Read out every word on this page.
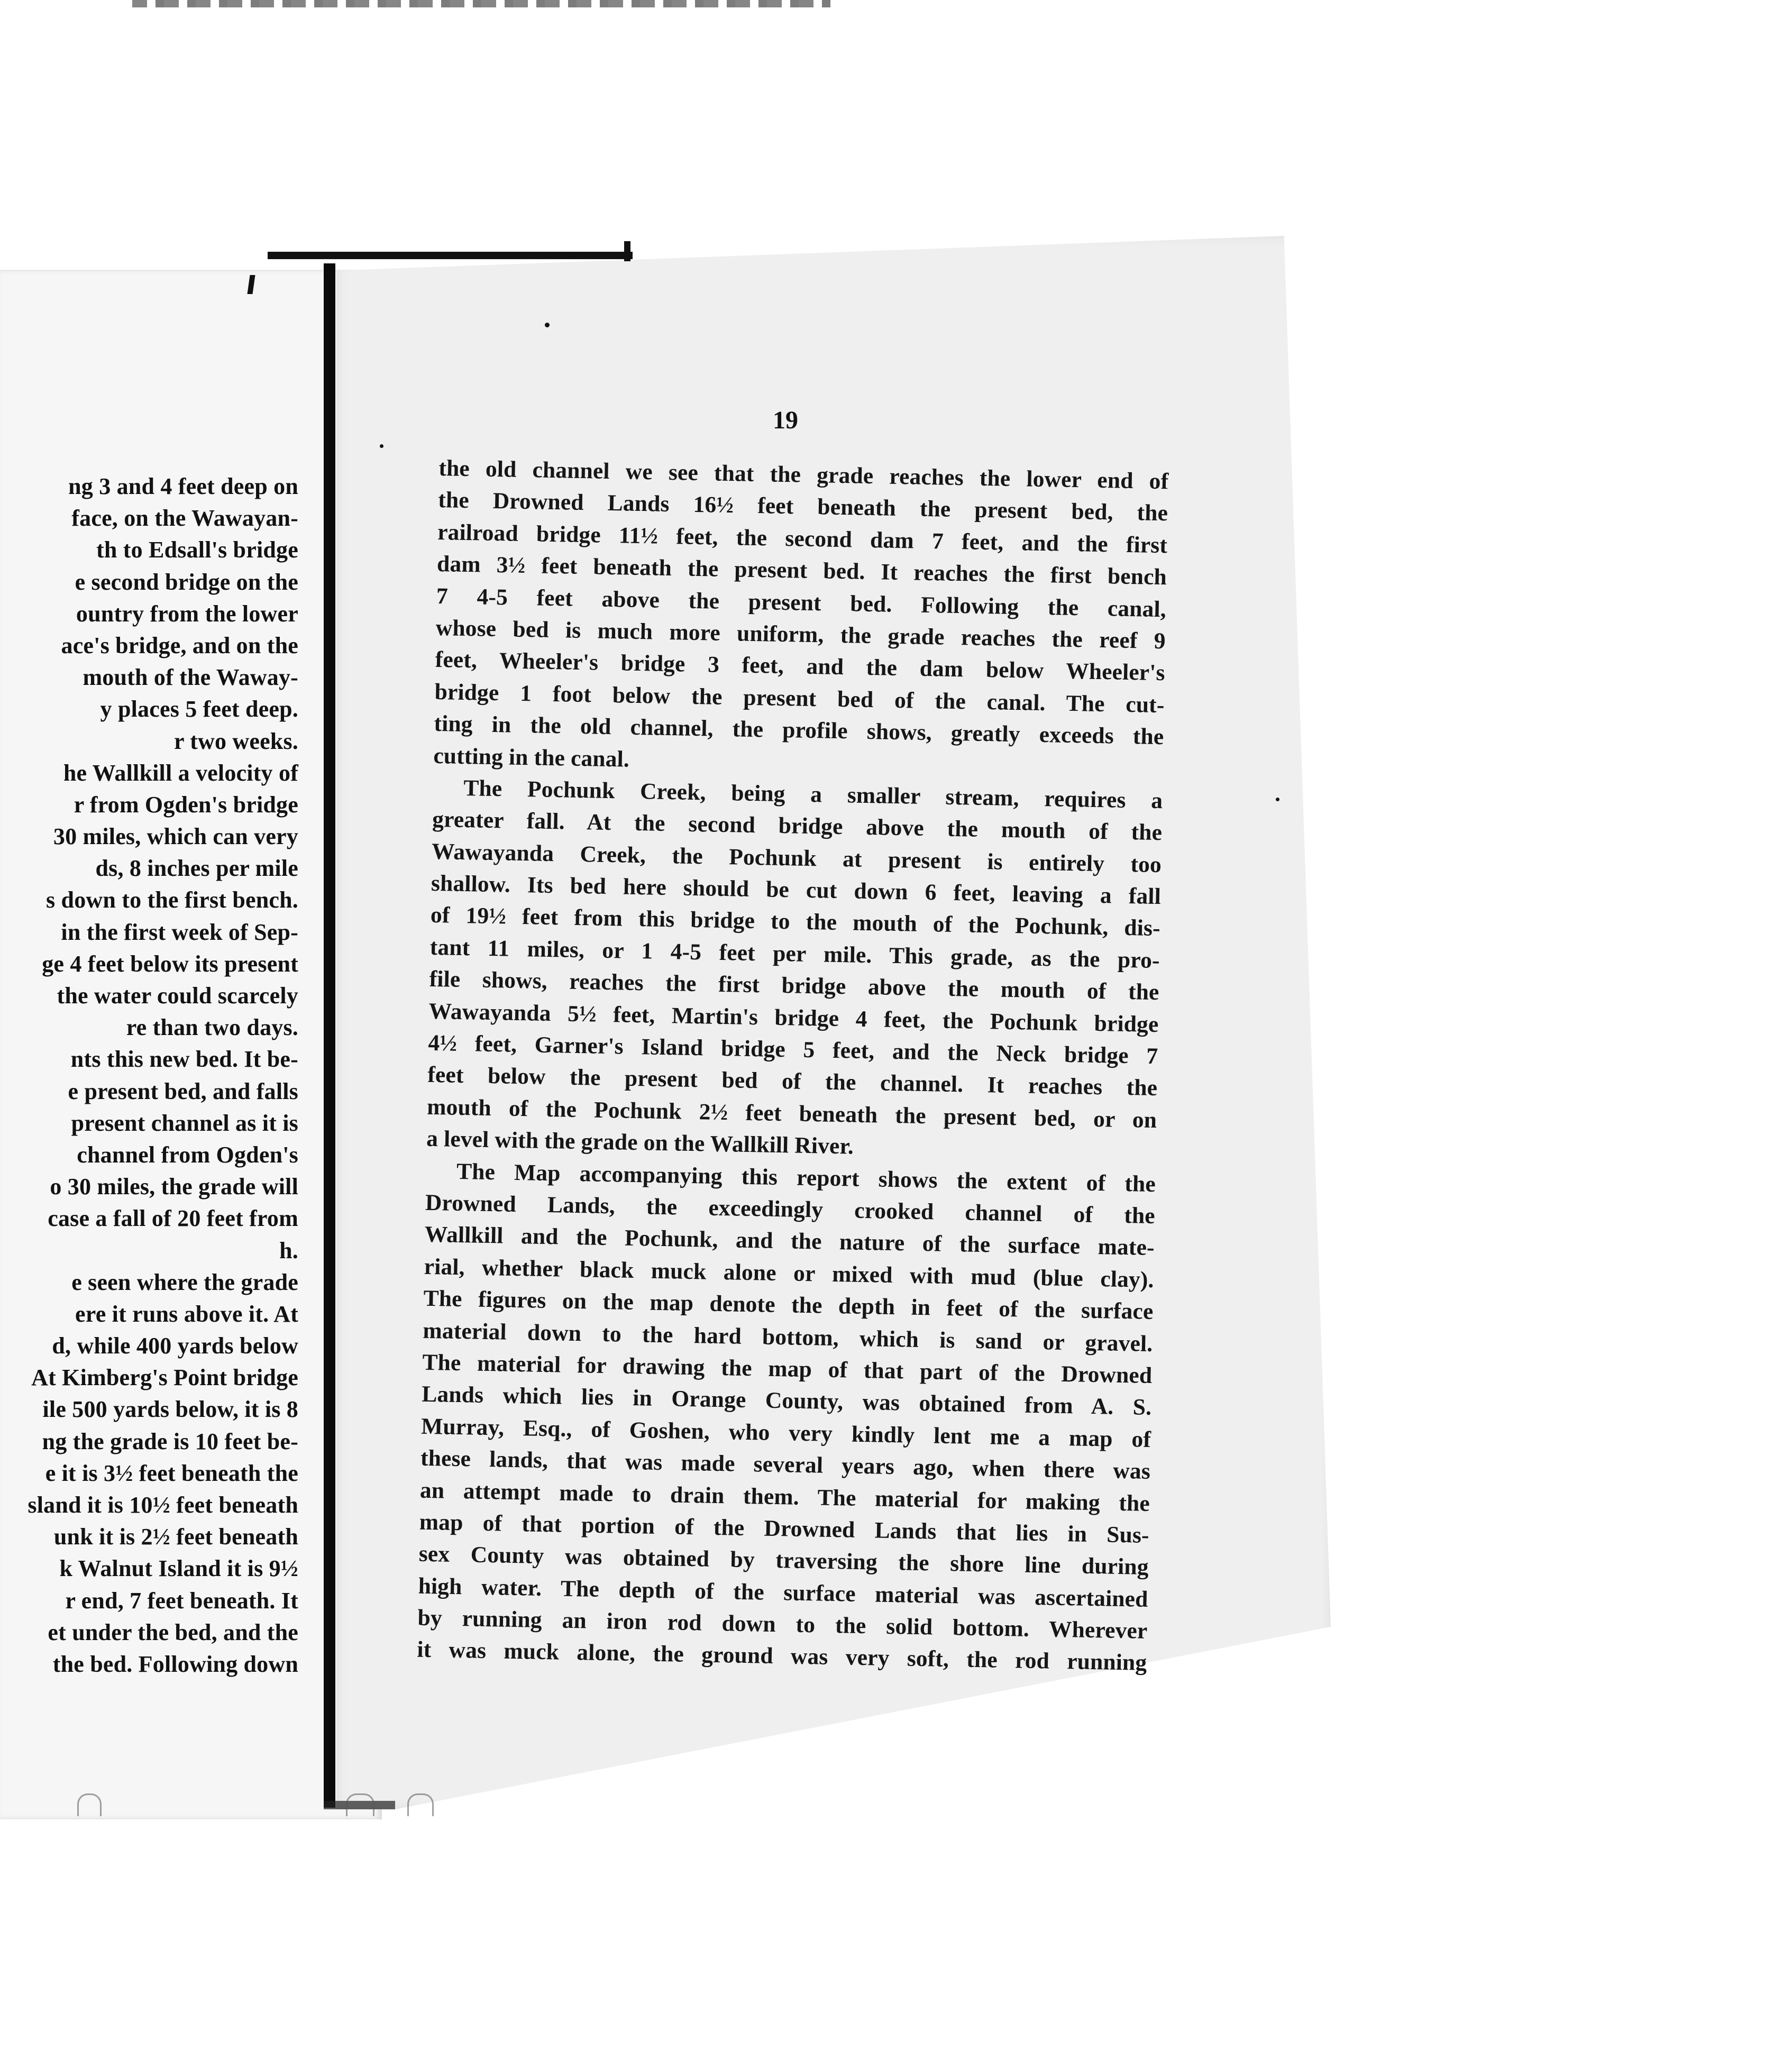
ng 3 and 4 feet deep on
face, on the Wawayan-
th to Edsall's bridge
e second bridge on the
ountry from the lower
ace's bridge, and on the
mouth of the Waway-
y places 5 feet deep.
r two weeks.
he Wallkill a velocity of
r from Ogden's bridge
30 miles, which can very
ds, 8 inches per mile
s down to the first bench.
in the first week of Sep-
ge 4 feet below its present
the water could scarcely
re than two days.
nts this new bed. It be-
e present bed, and falls
present channel as it is
channel from Ogden's
o 30 miles, the grade will
case a fall of 20 feet from
h.
e seen where the grade
ere it runs above it. At
d, while 400 yards below
At Kimberg's Point bridge
ile 500 yards below, it is 8
ng the grade is 10 feet be-
e it is 3½ feet beneath the
sland it is 10½ feet beneath
unk it is 2½ feet beneath
k Walnut Island it is 9½
r end, 7 feet beneath. It
et under the bed, and the
the bed. Following down
19
the old channel we see that the grade reaches the lower end of
the Drowned Lands 16½ feet beneath the present bed, the
railroad bridge 11½ feet, the second dam 7 feet, and the first
dam 3½ feet beneath the present bed. It reaches the first bench
7 4-5 feet above the present bed. Following the canal,
whose bed is much more uniform, the grade reaches the reef 9
feet, Wheeler's bridge 3 feet, and the dam below Wheeler's
bridge 1 foot below the present bed of the canal. The cut-
ting in the old channel, the profile shows, greatly exceeds the
cutting in the canal.
The Pochunk Creek, being a smaller stream, requires a
greater fall. At the second bridge above the mouth of the
Wawayanda Creek, the Pochunk at present is entirely too
shallow. Its bed here should be cut down 6 feet, leaving a fall
of 19½ feet from this bridge to the mouth of the Pochunk, dis-
tant 11 miles, or 1 4-5 feet per mile. This grade, as the pro-
file shows, reaches the first bridge above the mouth of the
Wawayanda 5½ feet, Martin's bridge 4 feet, the Pochunk bridge
4½ feet, Garner's Island bridge 5 feet, and the Neck bridge 7
feet below the present bed of the channel. It reaches the
mouth of the Pochunk 2½ feet beneath the present bed, or on
a level with the grade on the Wallkill River.
The Map accompanying this report shows the extent of the
Drowned Lands, the exceedingly crooked channel of the
Wallkill and the Pochunk, and the nature of the surface mate-
rial, whether black muck alone or mixed with mud (blue clay).
The figures on the map denote the depth in feet of the surface
material down to the hard bottom, which is sand or gravel.
The material for drawing the map of that part of the Drowned
Lands which lies in Orange County, was obtained from A. S.
Murray, Esq., of Goshen, who very kindly lent me a map of
these lands, that was made several years ago, when there was
an attempt made to drain them. The material for making the
map of that portion of the Drowned Lands that lies in Sus-
sex County was obtained by traversing the shore line during
high water. The depth of the surface material was ascertained
by running an iron rod down to the solid bottom. Wherever
it was muck alone, the ground was very soft, the rod running
